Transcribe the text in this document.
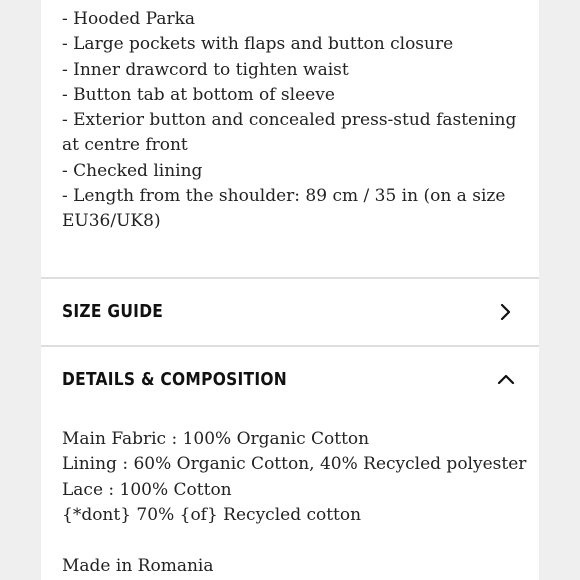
- Hooded Parka
- Large pockets with flaps and button closure
- Inner drawcord to tighten waist
- Button tab at bottom of sleeve
- Exterior button and concealed press-stud fastening at centre front
- Checked lining
- Length from the shoulder: 89 cm / 35 in (on a size EU36/UK8)
SIZE GUIDE
DETAILS & COMPOSITION
Main Fabric : 100% Organic Cotton
Lining : 60% Organic Cotton, 40% Recycled polyester
Lace : 100% Cotton
{*dont} 70% {of} Recycled cotton
Made in Romania
